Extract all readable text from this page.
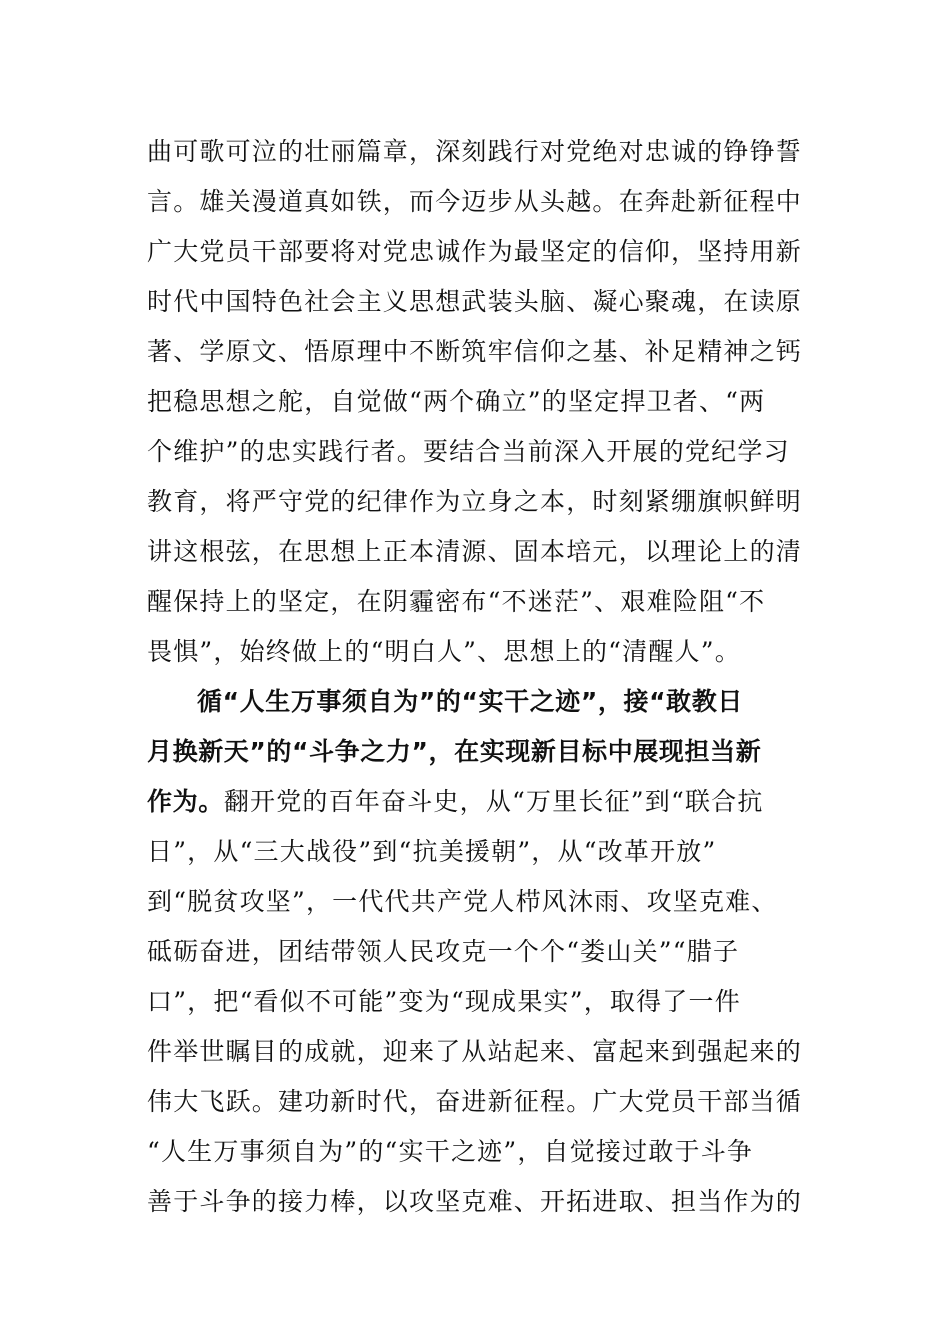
曲可歌可泣的壮丽篇章，深刻践行对党绝对忠诚的铮铮誓
言。雄关漫道真如铁，而今迈步从头越。在奔赴新征程中
广大党员干部要将对党忠诚作为最坚定的信仰，坚持用新
时代中国特色社会主义思想武装头脑、凝心聚魂，在读原
著、学原文、悟原理中不断筑牢信仰之基、补足精神之钙
把稳思想之舵，自觉做“两个确立”的坚定捍卫者、“两
个维护”的忠实践行者。要结合当前深入开展的党纪学习
教育，将严守党的纪律作为立身之本，时刻紧绷旗帜鲜明
讲这根弦，在思想上正本清源、固本培元，以理论上的清
醒保持上的坚定，在阴霾密布“不迷茫”、艰难险阻“不
畏惧”，始终做上的“明白人”、思想上的“清醒人”。
循“人生万事须自为”的“实干之迹”，接“敢教日
月换新天”的“斗争之力”，在实现新目标中展现担当新
作为。翻开党的百年奋斗史，从“万里长征”到“联合抗
日”，从“三大战役”到“抗美援朝”，从“改革开放”
到“脱贫攻坚”，一代代共产党人栉风沐雨、攻坚克难、
砥砺奋进，团结带领人民攻克一个个“娄山关”“腊子
口”，把“看似不可能”变为“现成果实”，取得了一件
件举世瞩目的成就，迎来了从站起来、富起来到强起来的
伟大飞跃。建功新时代，奋进新征程。广大党员干部当循
“人生万事须自为”的“实干之迹”，自觉接过敢于斗争
善于斗争的接力棒，以攻坚克难、开拓进取、担当作为的
